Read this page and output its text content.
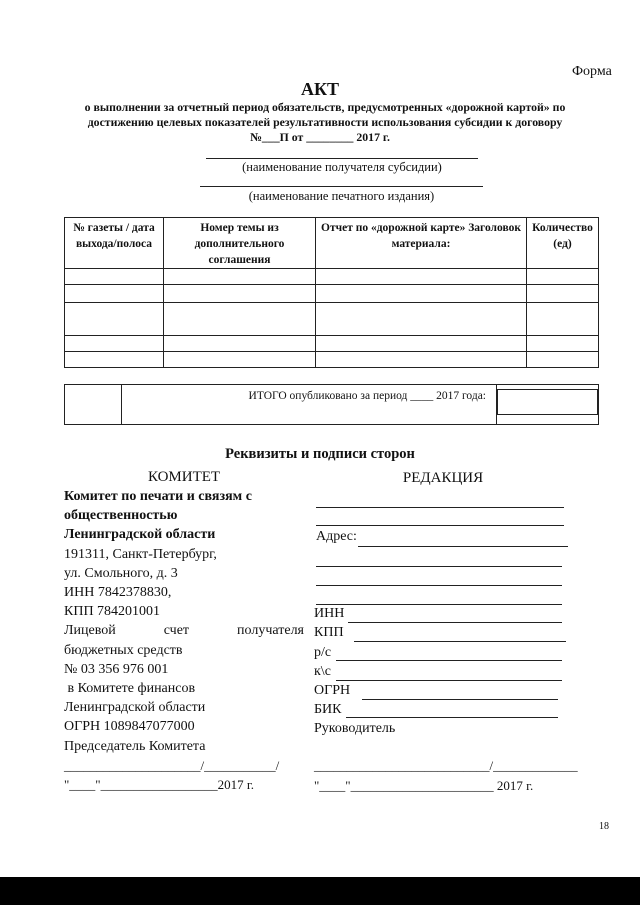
Форма
АКТ
о выполнении за отчетный период обязательств, предусмотренных «дорожной картой» по
достижению целевых показателей результативности использования субсидии к договору
№___П от ________ 2017 г.
(наименование получателя субсидии)
(наименование печатного издания)
№ газеты / дата выхода/полоса	Номер темы из дополнительного соглашения	Отчет по «дорожной карте» Заголовок материала:	Количество (ед)

	ИТОГО опубликовано за период ____ 2017 года:	
Реквизиты и подписи сторон
КОМИТЕТ	РЕДАКЦИЯ
Комитет по печати и связям с
общественностью
Ленинградской области
191311, Санкт-Петербург,
ул. Смольного, д. 3
ИНН 7842378830,
КПП 784201001
Лицевой	счет	получателя
бюджетных средств
№ 03 356 976 001
в Комитете финансов
Ленинградской области
ОГРН 1089847077000
Председатель Комитета
_____________________/___________/
"____"__________________2017 г.
Адрес:
ИНН
КПП
р/с
к\с
ОГРН
БИК
Руководитель
___________________________/_____________
"____"______________________ 2017 г.
18
